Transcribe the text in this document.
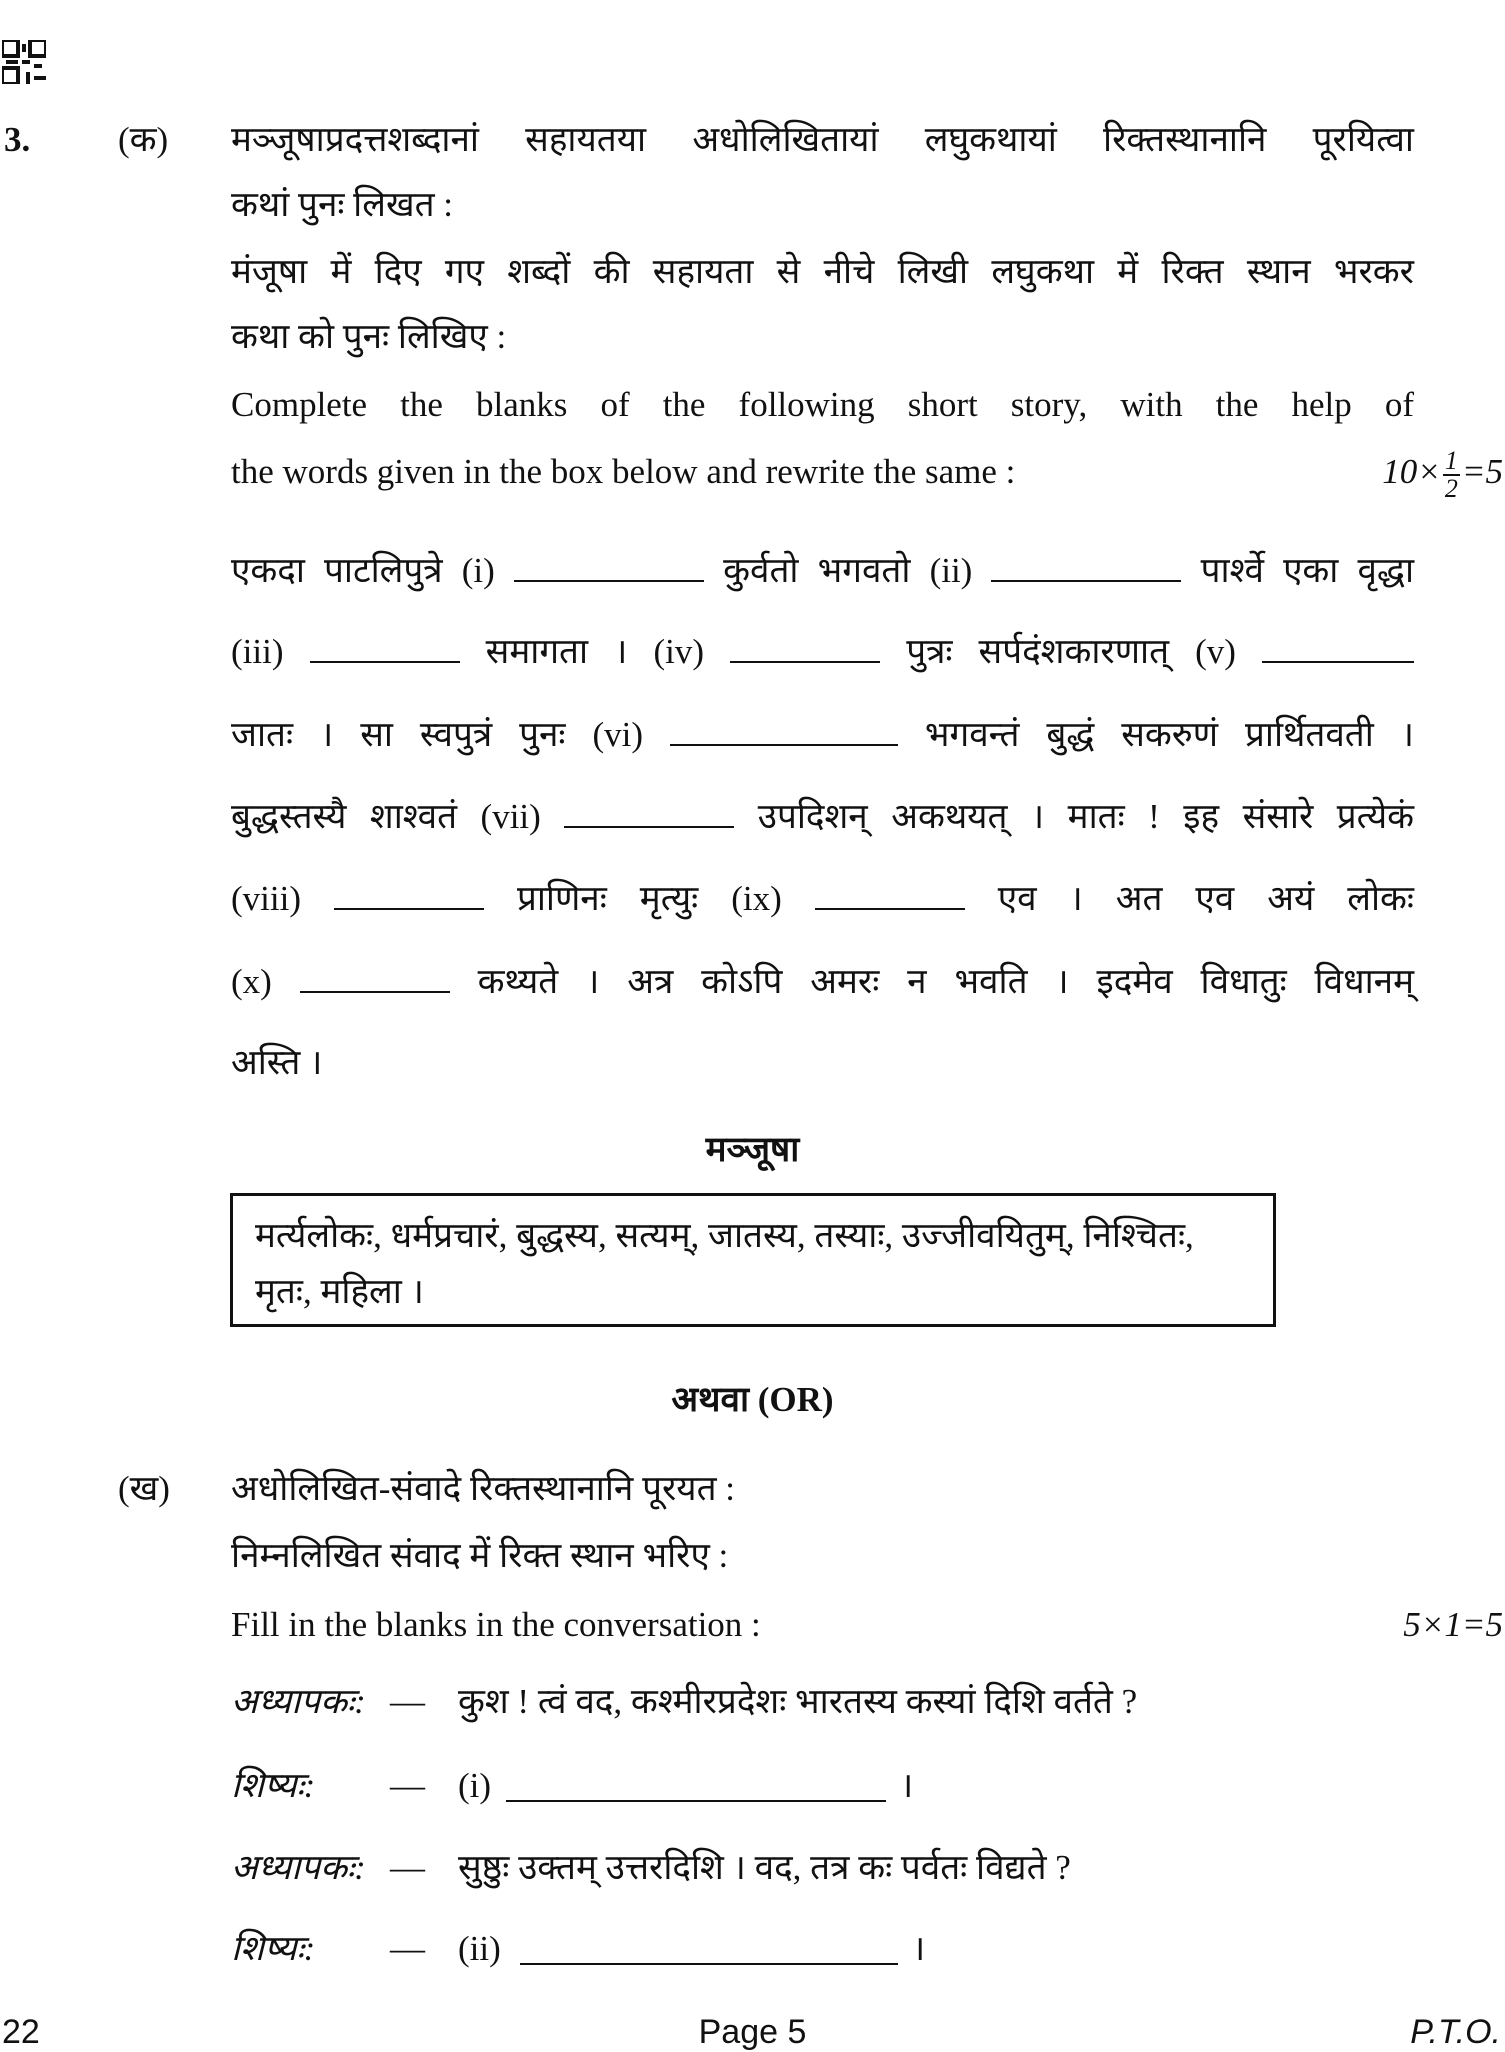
3.	(क) मञ्जूषाप्रदत्तशब्दानां सहायतया अधोलिखितायां लघुकथायां रिक्तस्थानानि पूरयित्वा
कथां पुनः लिखत :
मंजूषा में दिए गए शब्दों की सहायता से नीचे लिखी लघुकथा में रिक्त स्थान भरकर
कथा को पुनः लिखिए :
Complete the blanks of the following short story, with the help of
the words given in the box below and rewrite the same :	$10\times \frac{1}{2} =5$
एकदा पाटलिपुत्रे (i)	कुर्वतो भगवतो (ii)	पार्श्वे एका वृद्धा
(iii)	समागता । (iv)	पुत्रः सर्पदंशकारणात् (v)
जातः । सा स्वपुत्रं पुनः (vi)	भगवन्तं बुद्धं सकरुणं प्रार्थितवती ।
बुद्धस्तस्यै शाश्वतं (vii)	उपदिशन् अकथयत् । मातः ! इह संसारे प्रत्येकं
(viii)	प्राणिनः मृत्युः (ix)	एव । अत एव अयं लोकः
(x)	कथ्यते । अत्र कोऽपि अमरः न भवति । इदमेव विधातुः विधानम्
अस्ति ।
मञ्जूषा
मर्त्यलोकः, धर्मप्रचारं, बुद्धस्य, सत्यम्, जातस्य, तस्याः, उज्जीवयितुम्, निश्चितः, मृतः, महिला ।
अथवा (OR)
(ख) अधोलिखित-संवादे रिक्तस्थानानि पूरयत :
निम्नलिखित संवाद में रिक्त स्थान भरिए :
Fill in the blanks in the conversation :	5×1=5
अध्यापकः: — कुश ! त्वं वद, कश्मीरप्रदेशः भारतस्य कस्यां दिशि वर्तते ?
शिष्यः: — (i)	।
अध्यापकः: — सुष्ठुः उक्तम् उत्तरदिशि । वद, तत्र कः पर्वतः विद्यते ?
शिष्यः: — (ii)	।
22	Page 5	P.T.O.
